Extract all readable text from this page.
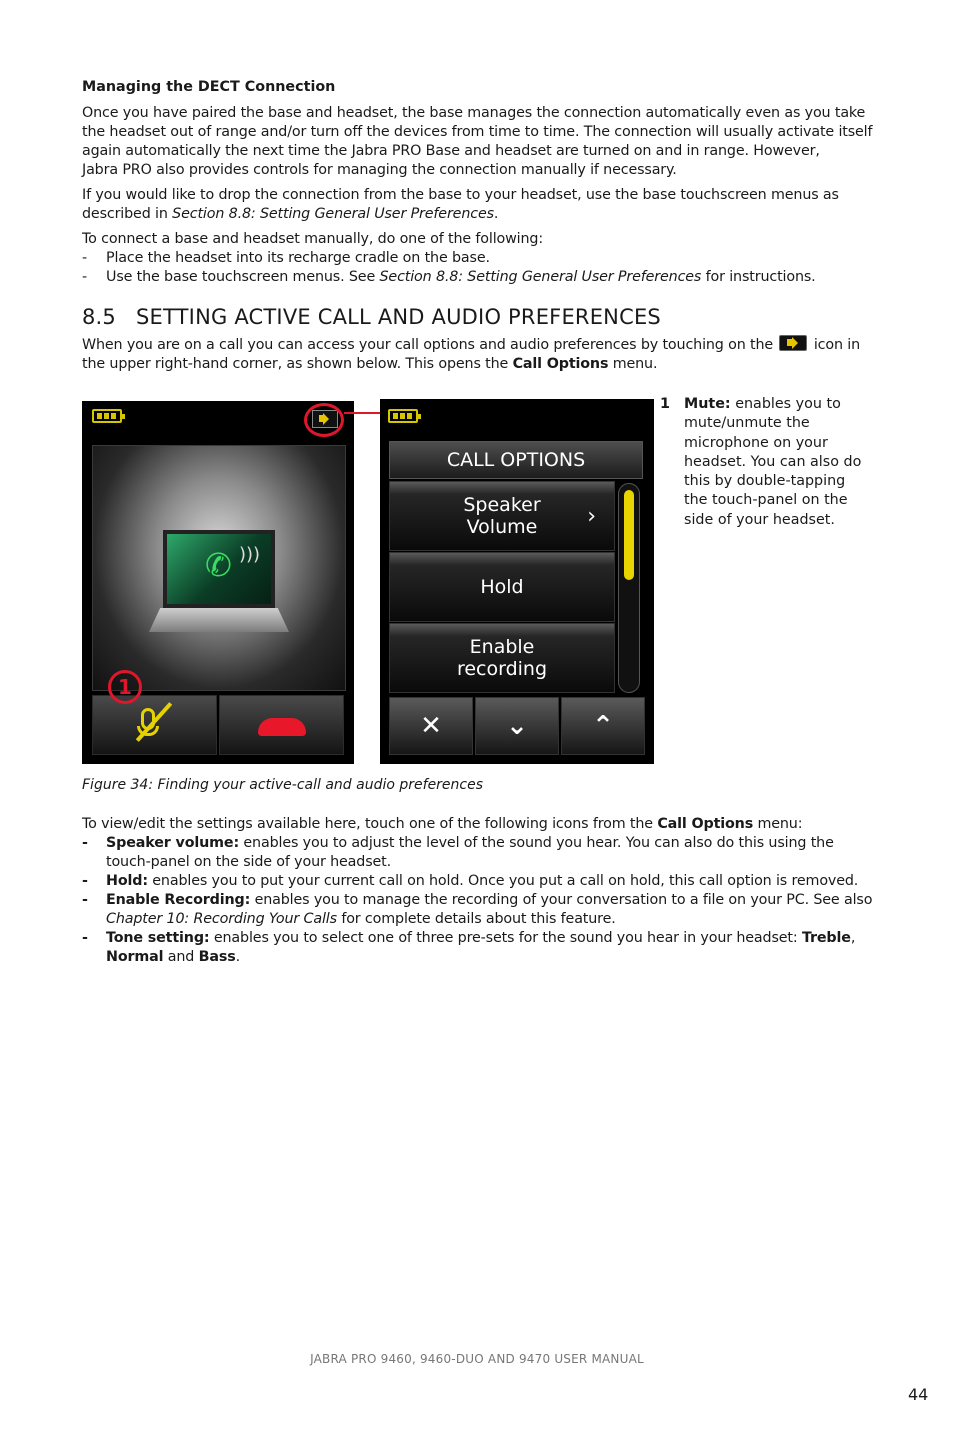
Managing the DECT Connection
Once you have paired the base and headset, the base manages the connection automatically even as you take the headset out of range and/or turn off the devices from time to time. The connection will usually activate itself again automatically the next time the Jabra PRO Base and headset are turned on and in range. However,
Jabra PRO also provides controls for managing the connection manually if necessary.
If you would like to drop the connection from the base to your headset, use the base touchscreen menus as described in Section 8.8: Setting General User Preferences.
To connect a base and headset manually, do one of the following:
- Place the headset into its recharge cradle on the base.
- Use the base touchscreen menus. See Section 8.8: Setting General User Preferences for instructions.
8.5 SETTING ACTIVE CALL AND AUDIO PREFERENCES
When you are on a call you can access your call options and audio preferences by touching on the  icon in the upper right-hand corner, as shown below. This opens the Call Options menu.
✆ )))
1
CALL OPTIONS
Speaker Volume	›
Hold
Enable recording
✕	⌄	⌃
1 Mute: enables you to mute/unmute the microphone on your headset. You can also do this by double-tapping the touch-panel on the side of your headset.
Figure 34: Finding your active-call and audio preferences
To view/edit the settings available here, touch one of the following icons from the Call Options menu:
- Speaker volume: enables you to adjust the level of the sound you hear. You can also do this using the touch-panel on the side of your headset.
- Hold: enables you to put your current call on hold. Once you put a call on hold, this call option is removed.
- Enable Recording: enables you to manage the recording of your conversation to a file on your PC. See also Chapter 10: Recording Your Calls for complete details about this feature.
- Tone setting: enables you to select one of three pre-sets for the sound you hear in your headset: Treble, Normal and Bass.
JABRA PRO 9460, 9460-DUO AND 9470 USER MANUAL
44
